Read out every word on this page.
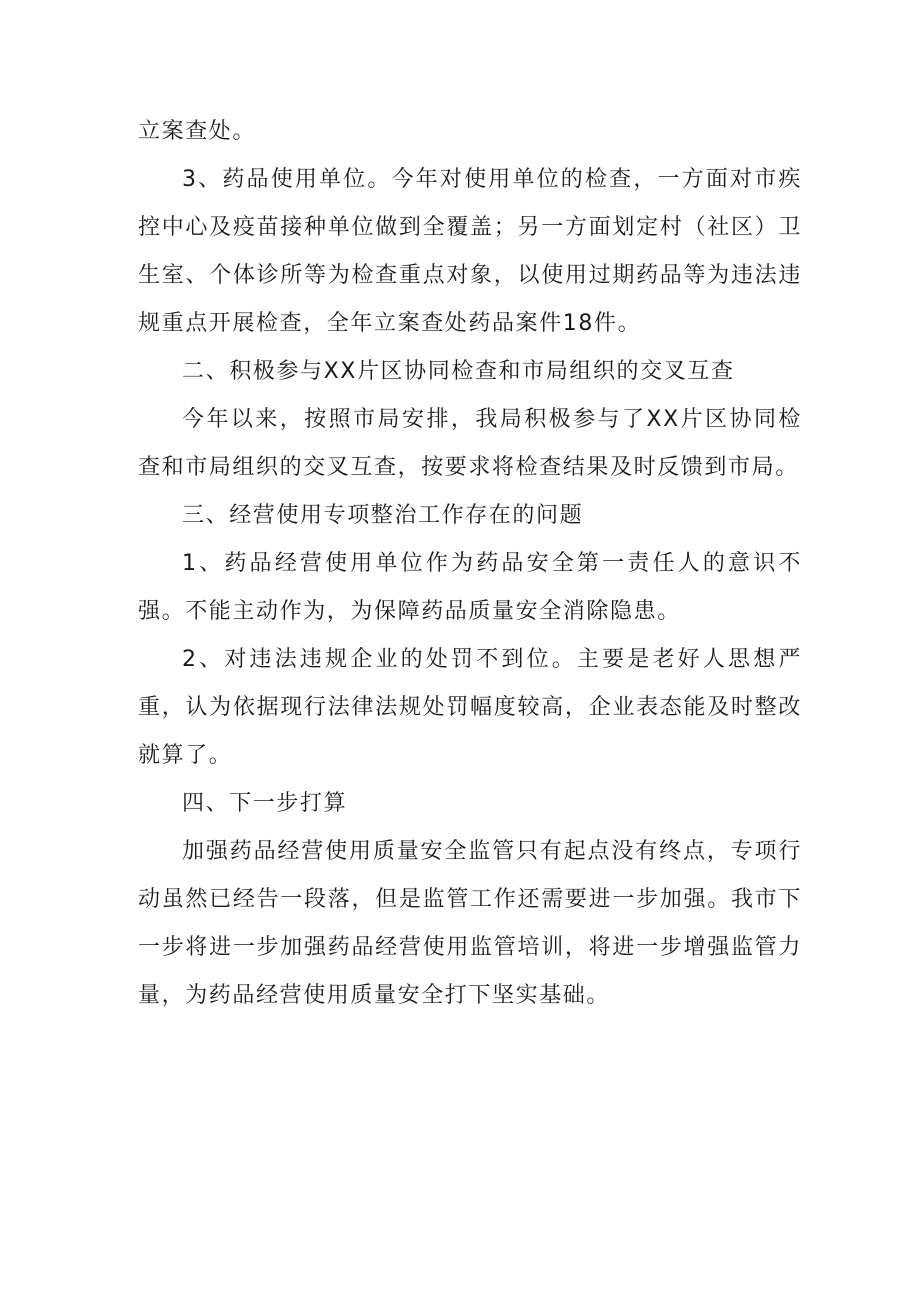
立案查处。

3、药品使用单位。今年对使用单位的检查，一方面对市疾控中心及疫苗接种单位做到全覆盖；另一方面划定村（社区）卫生室、个体诊所等为检查重点对象，以使用过期药品等为违法违规重点开展检查，全年立案查处药品案件18件。

二、积极参与XX片区协同检查和市局组织的交叉互查

今年以来，按照市局安排，我局积极参与了XX片区协同检查和市局组织的交叉互查，按要求将检查结果及时反馈到市局。

三、经营使用专项整治工作存在的问题

1、药品经营使用单位作为药品安全第一责任人的意识不强。不能主动作为，为保障药品质量安全消除隐患。

2、对违法违规企业的处罚不到位。主要是老好人思想严重，认为依据现行法律法规处罚幅度较高，企业表态能及时整改就算了。

四、下一步打算

加强药品经营使用质量安全监管只有起点没有终点，专项行动虽然已经告一段落，但是监管工作还需要进一步加强。我市下一步将进一步加强药品经营使用监管培训，将进一步增强监管力量，为药品经营使用质量安全打下坚实基础。
